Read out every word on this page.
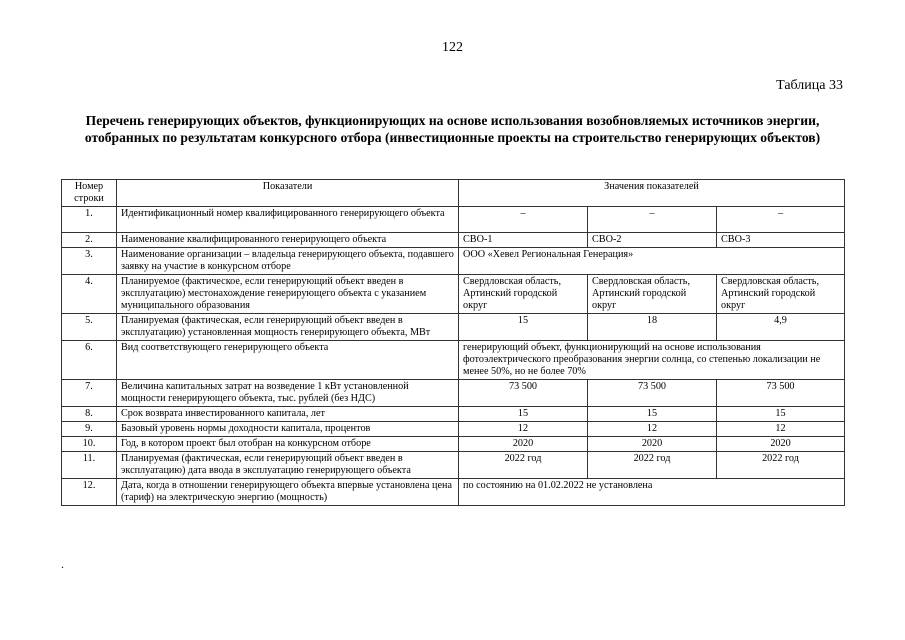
122
Таблица 33
Перечень генерирующих объектов, функционирующих на основе использования возобновляемых источников энергии, отобранных по результатам конкурсного отбора (инвестиционные проекты на строительство генерирующих объектов)
Номер строки	Показатели	Значения показателей		
1.	Идентификационный номер квалифицированного генерирующего объекта	–	–	–
2.	Наименование квалифицированного генерирующего объекта	СВО-1	СВО-2	СВО-3
3.	Наименование организации – владельца генерирующего объекта, подавшего заявку на участие в конкурсном отборе	ООО «Хевел Региональная Генерация»		
4.	Планируемое (фактическое, если генерирующий объект введен в эксплуатацию) местонахождение генерирующего объекта с указанием муниципального образования	Свердловская область, Артинский городской округ	Свердловская область, Артинский городской округ	Свердловская область, Артинский городской округ
5.	Планируемая (фактическая, если генерирующий объект введен в эксплуатацию) установленная мощность генерирующего объекта, МВт	15	18	4,9
6.	Вид соответствующего генерирующего объекта	генерирующий объект, функционирующий на основе использования фотоэлектрического преобразования энергии солнца, со степенью локализации не менее 50%, но не более 70%		
7.	Величина капитальных затрат на возведение 1 кВт установленной мощности генерирующего объекта, тыс. рублей (без НДС)	73 500	73 500	73 500
8.	Срок возврата инвестированного капитала, лет	15	15	15
9.	Базовый уровень нормы доходности капитала, процентов	12	12	12
10.	Год, в котором проект был отобран на конкурсном отборе	2020	2020	2020
11.	Планируемая (фактическая, если генерирующий объект введен в эксплуатацию) дата ввода в эксплуатацию генерирующего объекта	2022 год	2022 год	2022 год
12.	Дата, когда в отношении генерирующего объекта впервые установлена цена (тариф) на электрическую энергию (мощность)	по состоянию на 01.02.2022 не установлена		
.
